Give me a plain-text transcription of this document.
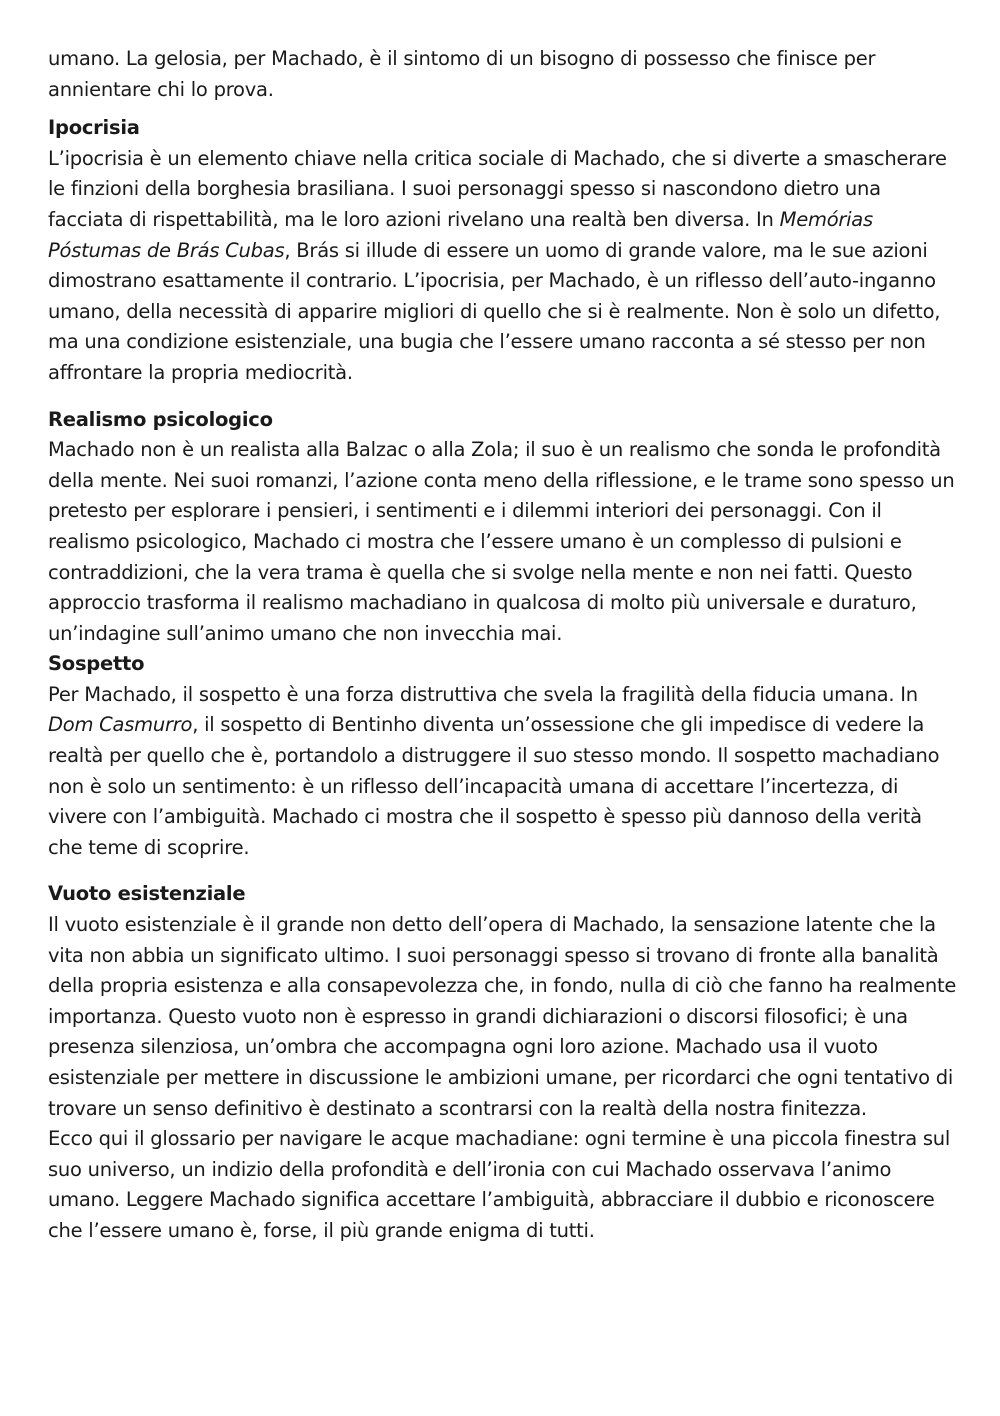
umano. La gelosia, per Machado, è il sintomo di un bisogno di possesso che finisce per annientare chi lo prova.

Ipocrisia

L’ipocrisia è un elemento chiave nella critica sociale di Machado, che si diverte a smascherare le finzioni della borghesia brasiliana. I suoi personaggi spesso si nascondono dietro una facciata di rispettabilità, ma le loro azioni rivelano una realtà ben diversa. In Memórias Póstumas de Brás Cubas, Brás si illude di essere un uomo di grande valore, ma le sue azioni dimostrano esattamente il contrario. L’ipocrisia, per Machado, è un riflesso dell’auto-inganno umano, della necessità di apparire migliori di quello che si è realmente. Non è solo un difetto, ma una condizione esistenziale, una bugia che l’essere umano racconta a sé stesso per non affrontare la propria mediocrità.

Realismo psicologico

Machado non è un realista alla Balzac o alla Zola; il suo è un realismo che sonda le profondità della mente. Nei suoi romanzi, l’azione conta meno della riflessione, e le trame sono spesso un pretesto per esplorare i pensieri, i sentimenti e i dilemmi interiori dei personaggi. Con il realismo psicologico, Machado ci mostra che l’essere umano è un complesso di pulsioni e contraddizioni, che la vera trama è quella che si svolge nella mente e non nei fatti. Questo approccio trasforma il realismo machadiano in qualcosa di molto più universale e duraturo, un’indagine sull’animo umano che non invecchia mai.

Sospetto

Per Machado, il sospetto è una forza distruttiva che svela la fragilità della fiducia umana. In Dom Casmurro, il sospetto di Bentinho diventa un’ossessione che gli impedisce di vedere la realtà per quello che è, portandolo a distruggere il suo stesso mondo. Il sospetto machadiano non è solo un sentimento: è un riflesso dell’incapacità umana di accettare l’incertezza, di vivere con l’ambiguità. Machado ci mostra che il sospetto è spesso più dannoso della verità che teme di scoprire.

Vuoto esistenziale

Il vuoto esistenziale è il grande non detto dell’opera di Machado, la sensazione latente che la vita non abbia un significato ultimo. I suoi personaggi spesso si trovano di fronte alla banalità della propria esistenza e alla consapevolezza che, in fondo, nulla di ciò che fanno ha realmente importanza. Questo vuoto non è espresso in grandi dichiarazioni o discorsi filosofici; è una presenza silenziosa, un’ombra che accompagna ogni loro azione. Machado usa il vuoto esistenziale per mettere in discussione le ambizioni umane, per ricordarci che ogni tentativo di trovare un senso definitivo è destinato a scontrarsi con la realtà della nostra finitezza.

Ecco qui il glossario per navigare le acque machadiane: ogni termine è una piccola finestra sul suo universo, un indizio della profondità e dell’ironia con cui Machado osservava l’animo umano. Leggere Machado significa accettare l’ambiguità, abbracciare il dubbio e riconoscere che l’essere umano è, forse, il più grande enigma di tutti.
